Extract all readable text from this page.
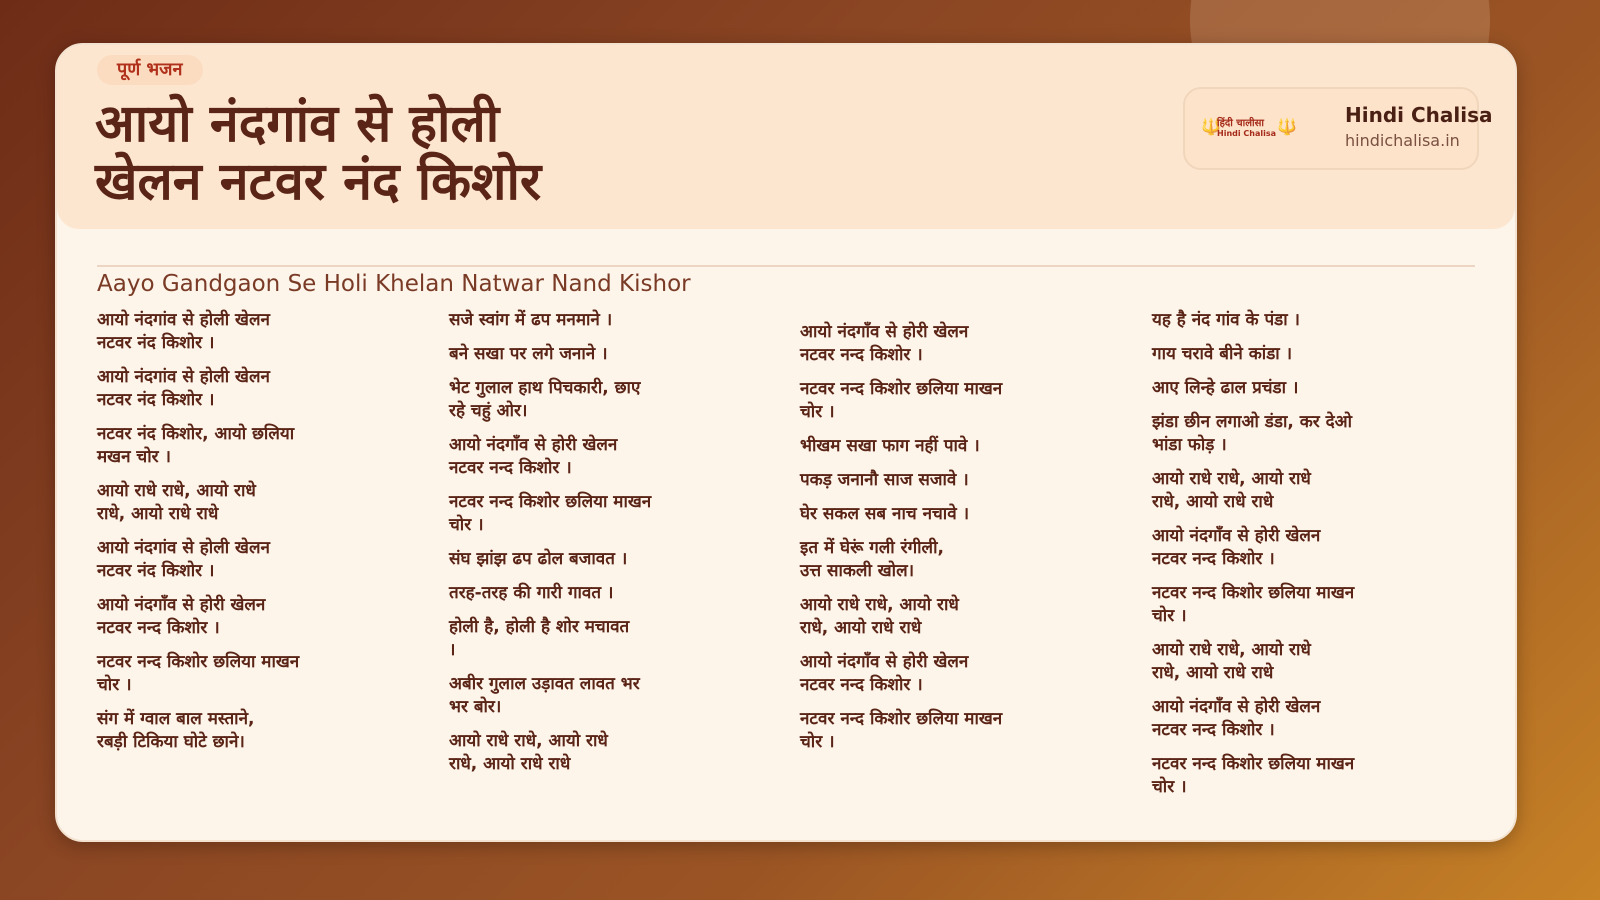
पूर्ण भजन
आयो नंदगांव से होली
खेलन नटवर नंद किशोर
🔱
हिंदी चालीसा
Hindi Chalisa 🔱 Hindi Chalisa
hindichalisa.in
Aayo Gandgaon Se Holi Khelan Natwar Nand Kishor
आयो नंदगांव से होली खेलन
नटवर नंद किशोर ।
आयो नंदगांव से होली खेलन
नटवर नंद किशोर ।
नटवर नंद किशोर, आयो छलिया
मखन चोर ।
आयो राधे राधे, आयो राधे
राधे, आयो राधे राधे
आयो नंदगांव से होली खेलन
नटवर नंद किशोर ।
आयो नंदगाँव से होरी खेलन
नटवर नन्द किशोर ।
नटवर नन्द किशोर छलिया माखन
चोर ।
संग में ग्वाल बाल मस्ताने,
रबड़ी टिकिया घोटे छाने।
सजे स्वांग में ढप मनमाने ।
बने सखा पर लगे जनाने ।
भेट गुलाल हाथ पिचकारी, छाए
रहे चहुं ओर।
आयो नंदगाँव से होरी खेलन
नटवर नन्द किशोर ।
नटवर नन्द किशोर छलिया माखन
चोर ।
संघ झांझ ढप ढोल बजावत ।
तरह-तरह की गारी गावत ।
होली है, होली है शोर मचावत
।
अबीर गुलाल उड़ावत लावत भर
भर बोर।
आयो राधे राधे, आयो राधे
राधे, आयो राधे राधे
आयो नंदगाँव से होरी खेलन
नटवर नन्द किशोर ।
नटवर नन्द किशोर छलिया माखन
चोर ।
भीखम सखा फाग नहीं पावे ।
पकड़ जनानौ साज सजावे ।
घेर सकल सब नाच नचावे ।
इत में घेरूं गली रंगीली,
उत्त साकली खोल।
आयो राधे राधे, आयो राधे
राधे, आयो राधे राधे
आयो नंदगाँव से होरी खेलन
नटवर नन्द किशोर ।
नटवर नन्द किशोर छलिया माखन
चोर ।
यह है नंद गांव के पंडा ।
गाय चरावे बीने कांडा ।
आए लिन्हे ढाल प्रचंडा ।
झंडा छीन लगाओ डंडा, कर देओ
भांडा फोड़ ।
आयो राधे राधे, आयो राधे
राधे, आयो राधे राधे
आयो नंदगाँव से होरी खेलन
नटवर नन्द किशोर ।
नटवर नन्द किशोर छलिया माखन
चोर ।
आयो राधे राधे, आयो राधे
राधे, आयो राधे राधे
आयो नंदगाँव से होरी खेलन
नटवर नन्द किशोर ।
नटवर नन्द किशोर छलिया माखन
चोर ।
